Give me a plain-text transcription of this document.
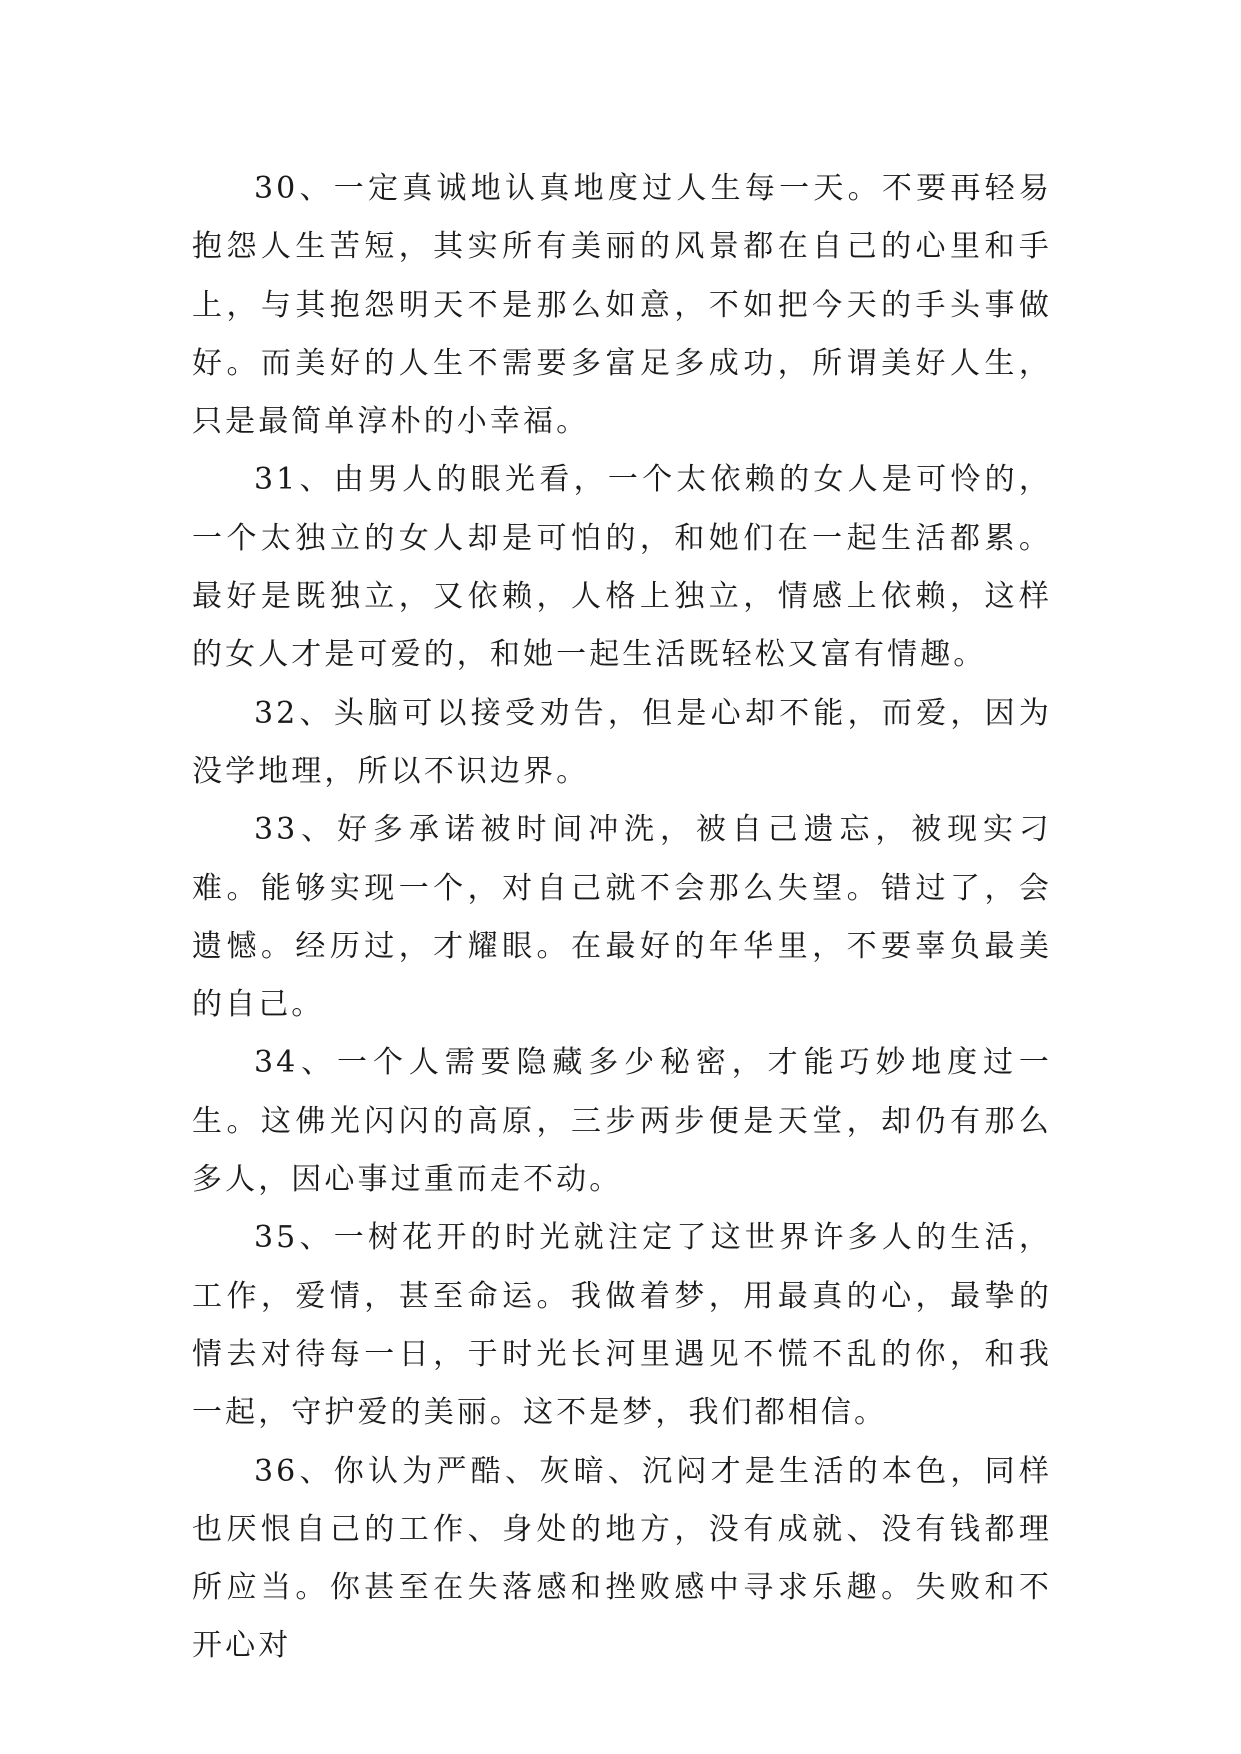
30、一定真诚地认真地度过人生每一天。不要再轻易抱怨人生苦短，其实所有美丽的风景都在自己的心里和手上，与其抱怨明天不是那么如意，不如把今天的手头事做好。而美好的人生不需要多富足多成功，所谓美好人生，只是最简单淳朴的小幸福。

31、由男人的眼光看，一个太依赖的女人是可怜的，一个太独立的女人却是可怕的，和她们在一起生活都累。最好是既独立，又依赖，人格上独立，情感上依赖，这样的女人才是可爱的，和她一起生活既轻松又富有情趣。

32、头脑可以接受劝告，但是心却不能，而爱，因为没学地理，所以不识边界。

33、好多承诺被时间冲洗，被自己遗忘，被现实刁难。能够实现一个，对自己就不会那么失望。错过了，会遗憾。经历过，才耀眼。在最好的年华里，不要辜负最美的自己。

34、一个人需要隐藏多少秘密，才能巧妙地度过一生。这佛光闪闪的高原，三步两步便是天堂，却仍有那么多人，因心事过重而走不动。

35、一树花开的时光就注定了这世界许多人的生活，工作，爱情，甚至命运。我做着梦，用最真的心，最挚的情去对待每一日，于时光长河里遇见不慌不乱的你，和我一起，守护爱的美丽。这不是梦，我们都相信。

36、你认为严酷、灰暗、沉闷才是生活的本色，同样也厌恨自己的工作、身处的地方，没有成就、没有钱都理所应当。你甚至在失落感和挫败感中寻求乐趣。失败和不开心对
